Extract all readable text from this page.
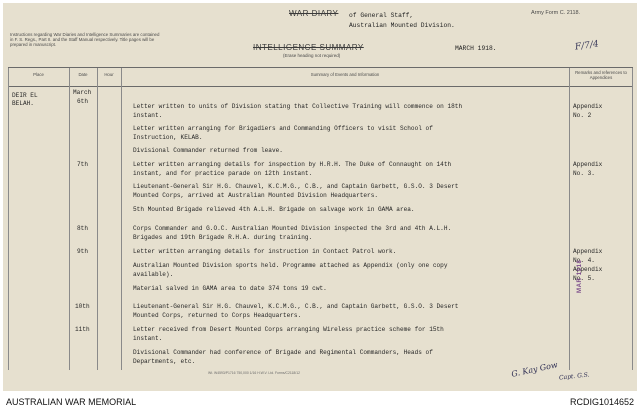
Instructions regarding War Diaries and Intelligence Summaries are contained in F. S. Regs., Part II. and the Staff Manual respectively. Title pages will be prepared in manuscript.
WAR DIARY
INTELLIGENCE SUMMARY
(Erase heading not required)
Army Form C. 2118.
of General Staff,
Australian Mounted Division.
MARCH 1918.	F/7/4
Place	Date	Hour	Summary of Events and Information	Remarks and references to Appendices
DEIR EL	March
BELAH.	6th
Letter written to units of Division stating that Collective Training will commence on 18th	Appendix
instant.	No. 2
Letter written arranging for Brigadiers and Commanding Officers to visit School of
Instruction, KELAB.
Divisional Commander returned from leave.
7th	Letter written arranging details for inspection by H.R.H. The Duke of Connaught on 14th	Appendix
instant, and for practice parade on 12th instant.	No. 3.
Lieutenant-General Sir H.G. Chauvel, K.C.M.G., C.B., and Captain Garbett, G.S.O. 3 Desert
Mounted Corps, arrived at Australian Mounted Division Headquarters.
5th Mounted Brigade relieved 4th A.L.H. Brigade on salvage work in GAMA area.
8th	Corps Commander and G.O.C. Australian Mounted Division inspected the 3rd and 4th A.L.H.
Brigades and 19th Brigade R.H.A. during training.
9th	Letter written arranging details for instruction in Contact Patrol work.	Appendix
No. 4.
Australian Mounted Division sports held. Programme attached as Appendix (only one copy
Appendix
available).
No. 5.
Material salved in GAMA area to date 374 tons 19 cwt.
10th	Lieutenant-General Sir H.G. Chauvel, K.C.M.G., C.B., and Captain Garbett, G.S.O. 3 Desert
Mounted Corps, returned to Corps Headquarters.
11th	Letter received from Desert Mounted Corps arranging Wireless practice scheme for 15th
instant.
Divisional Commander had conference of Brigade and Regimental Commanders, Heads of
Departments, etc.
MAR 1918
Wt. W4593/P1716 750,000 1/16 H.W.V. Ltd. Forms/C2118/12	G. Kay Gow Capt. G.S.
AUSTRALIAN WAR MEMORIAL	RCDIG1014652
